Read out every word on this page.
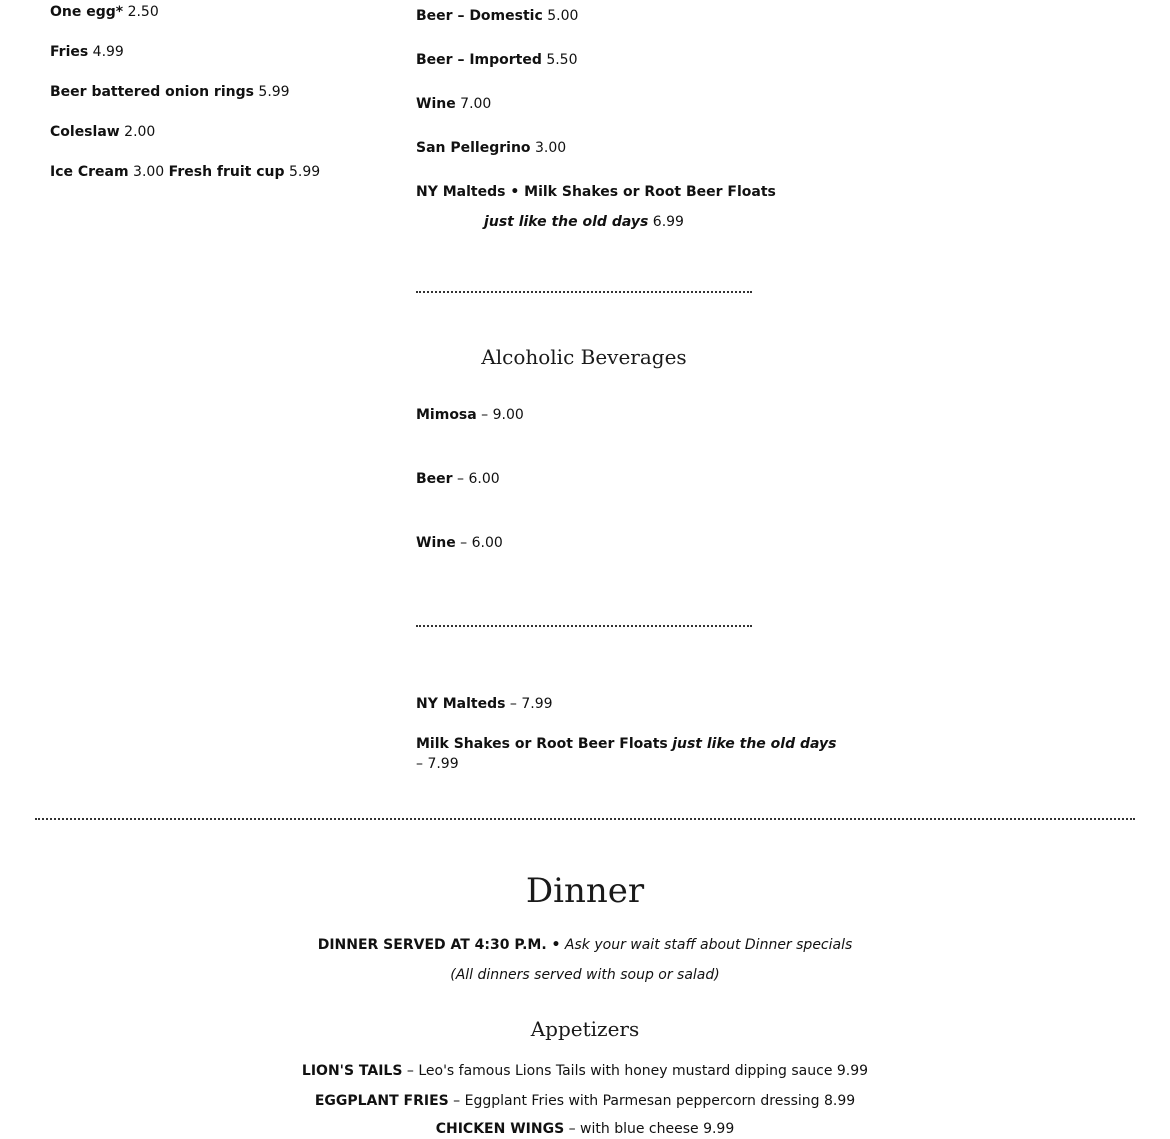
One egg* 2.50
Fries 4.99
Beer battered onion rings 5.99
Coleslaw 2.00
Ice Cream 3.00 Fresh fruit cup 5.99
Beer – Domestic 5.00
Beer – Imported 5.50
Wine 7.00
San Pellegrino 3.00
NY Malteds • Milk Shakes or Root Beer Floats
just like the old days 6.99
Alcoholic Beverages
Mimosa – 9.00
Beer – 6.00
Wine – 6.00
NY Malteds – 7.99
Milk Shakes or Root Beer Floats just like the old days
– 7.99
Dinner
DINNER SERVED AT 4:30 P.M. • Ask your wait staff about Dinner specials
(All dinners served with soup or salad)
Appetizers
LION'S TAILS – Leo's famous Lions Tails with honey mustard dipping sauce 9.99
EGGPLANT FRIES – Eggplant Fries with Parmesan peppercorn dressing 8.99
CHICKEN WINGS – with blue cheese 9.99
